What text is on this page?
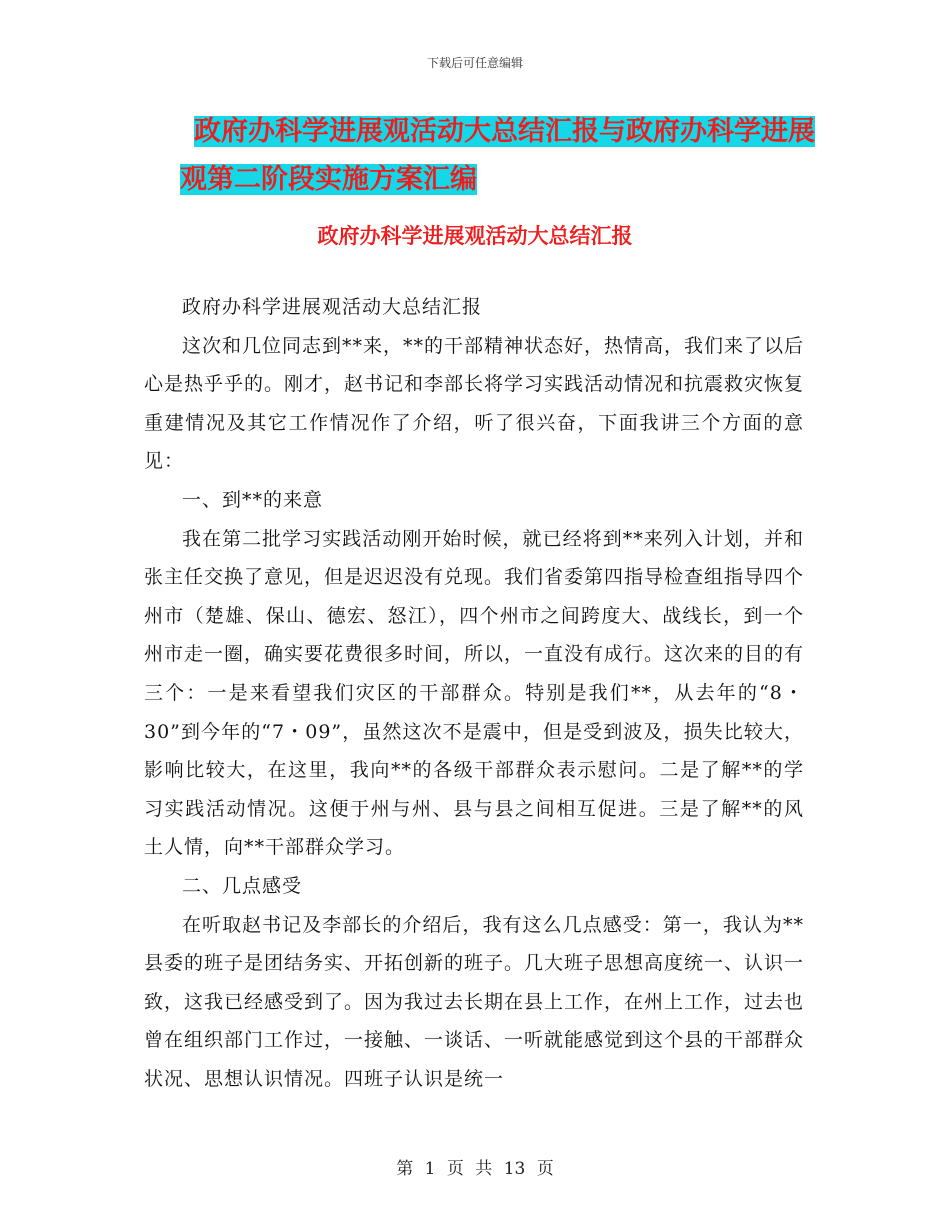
下载后可任意编辑
政府办科学进展观活动大总结汇报与政府办科学进展
观第二阶段实施方案汇编
政府办科学进展观活动大总结汇报

政府办科学进展观活动大总结汇报

这次和几位同志到**来，**的干部精神状态好，热情高，我们来了以后心是热乎乎的。刚才，赵书记和李部长将学习实践活动情况和抗震救灾恢复重建情况及其它工作情况作了介绍，听了很兴奋，下面我讲三个方面的意见：

一、到**的来意

我在第二批学习实践活动刚开始时候，就已经将到**来列入计划，并和张主任交换了意见，但是迟迟没有兑现。我们省委第四指导检查组指导四个州市（楚雄、保山、德宏、怒江），四个州市之间跨度大、战线长，到一个州市走一圈，确实要花费很多时间，所以，一直没有成行。这次来的目的有三个：一是来看望我们灾区的干部群众。特别是我们**，从去年的“8・30”到今年的“7・09”，虽然这次不是震中，但是受到波及，损失比较大，影响比较大，在这里，我向**的各级干部群众表示慰问。二是了解**的学习实践活动情况。这便于州与州、县与县之间相互促进。三是了解**的风土人情，向**干部群众学习。

二、几点感受

在听取赵书记及李部长的介绍后，我有这么几点感受：第一，我认为**县委的班子是团结务实、开拓创新的班子。几大班子思想高度统一、认识一致，这我已经感受到了。因为我过去长期在县上工作，在州上工作，过去也曾在组织部门工作过，一接触、一谈话、一听就能感觉到这个县的干部群众状况、思想认识情况。四班子认识是统一

第 1 页 共 13 页
